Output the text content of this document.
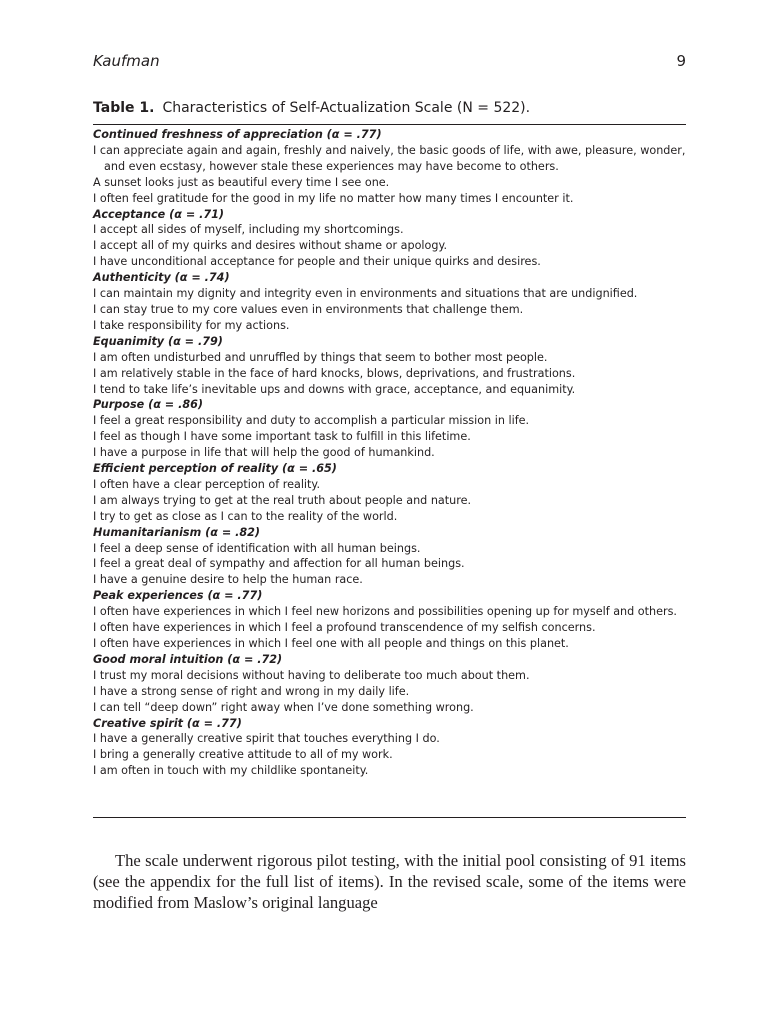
Kaufman	9
Table 1. Characteristics of Self-Actualization Scale (N = 522).
Continued freshness of appreciation (α = .77)
I can appreciate again and again, freshly and naively, the basic goods of life, with awe, pleasure, wonder, and even ecstasy, however stale these experiences may have become to others.
A sunset looks just as beautiful every time I see one.
I often feel gratitude for the good in my life no matter how many times I encounter it.
Acceptance (α = .71)
I accept all sides of myself, including my shortcomings.
I accept all of my quirks and desires without shame or apology.
I have unconditional acceptance for people and their unique quirks and desires.
Authenticity (α = .74)
I can maintain my dignity and integrity even in environments and situations that are undignified.
I can stay true to my core values even in environments that challenge them.
I take responsibility for my actions.
Equanimity (α = .79)
I am often undisturbed and unruffled by things that seem to bother most people.
I am relatively stable in the face of hard knocks, blows, deprivations, and frustrations.
I tend to take life’s inevitable ups and downs with grace, acceptance, and equanimity.
Purpose (α = .86)
I feel a great responsibility and duty to accomplish a particular mission in life.
I feel as though I have some important task to fulfill in this lifetime.
I have a purpose in life that will help the good of humankind.
Efficient perception of reality (α = .65)
I often have a clear perception of reality.
I am always trying to get at the real truth about people and nature.
I try to get as close as I can to the reality of the world.
Humanitarianism (α = .82)
I feel a deep sense of identification with all human beings.
I feel a great deal of sympathy and affection for all human beings.
I have a genuine desire to help the human race.
Peak experiences (α = .77)
I often have experiences in which I feel new horizons and possibilities opening up for myself and others.
I often have experiences in which I feel a profound transcendence of my selfish concerns.
I often have experiences in which I feel one with all people and things on this planet.
Good moral intuition (α = .72)
I trust my moral decisions without having to deliberate too much about them.
I have a strong sense of right and wrong in my daily life.
I can tell “deep down” right away when I’ve done something wrong.
Creative spirit (α = .77)
I have a generally creative spirit that touches everything I do.
I bring a generally creative attitude to all of my work.
I am often in touch with my childlike spontaneity.
The scale underwent rigorous pilot testing, with the initial pool consisting of 91 items (see the appendix for the full list of items). In the revised scale, some of the items were modified from Maslow’s original language
